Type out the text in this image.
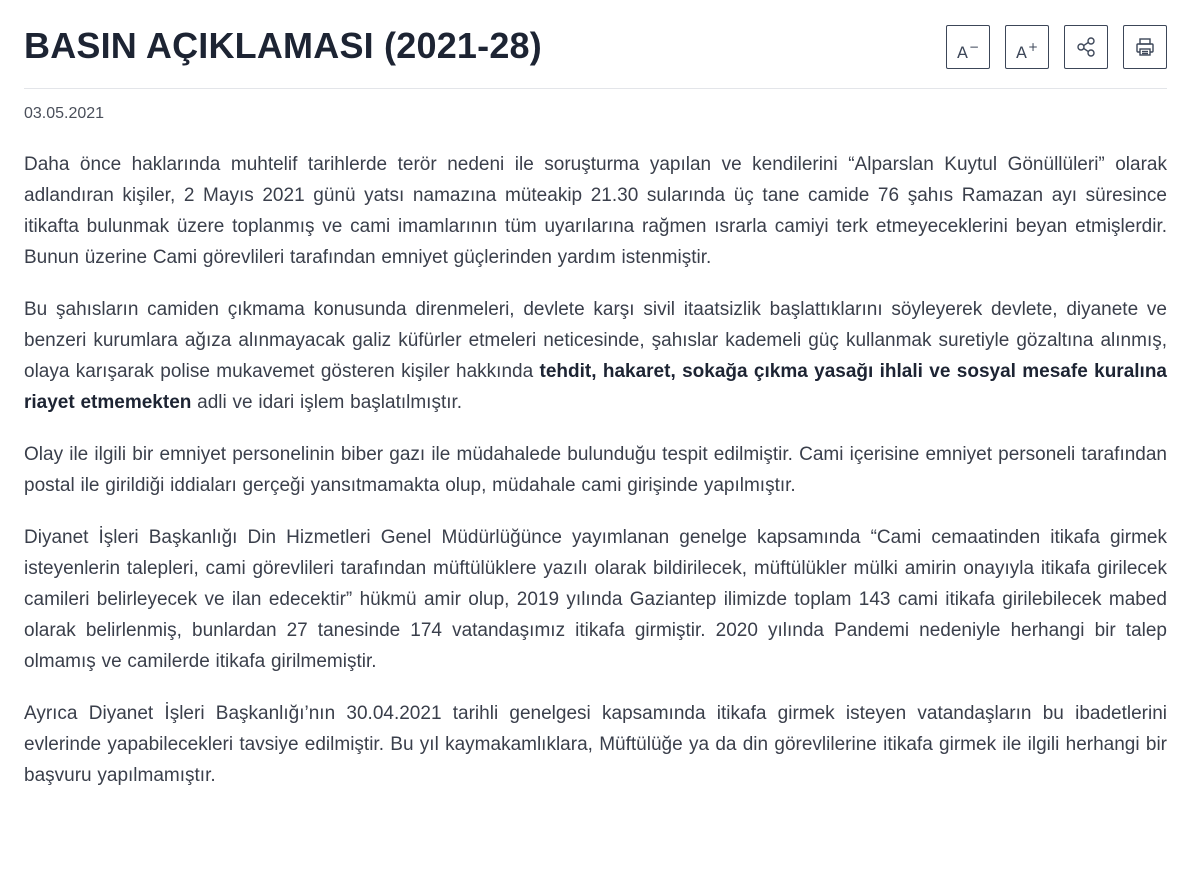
BASIN AÇIKLAMASI (2021-28)	A− A+
03.05.2021

Daha önce haklarında muhtelif tarihlerde terör nedeni ile soruşturma yapılan ve kendilerini “Alparslan Kuytul Gönüllüleri” olarak adlandıran kişiler, 2 Mayıs 2021 günü yatsı namazına müteakip 21.30 sularında üç tane camide 76 şahıs Ramazan ayı süresince itikafta bulunmak üzere toplanmış ve cami imamlarının tüm uyarılarına rağmen ısrarla camiyi terk etmeyeceklerini beyan etmişlerdir. Bunun üzerine Cami görevlileri tarafından emniyet güçlerinden yardım istenmiştir.

Bu şahısların camiden çıkmama konusunda direnmeleri, devlete karşı sivil itaatsizlik başlattıklarını söyleyerek devlete, diyanete ve benzeri kurumlara ağıza alınmayacak galiz küfürler etmeleri neticesinde, şahıslar kademeli güç kullanmak suretiyle gözaltına alınmış, olaya karışarak polise mukavemet gösteren kişiler hakkında tehdit, hakaret, sokağa çıkma yasağı ihlali ve sosyal mesafe kuralına riayet etmemekten adli ve idari işlem başlatılmıştır.

Olay ile ilgili bir emniyet personelinin biber gazı ile müdahalede bulunduğu tespit edilmiştir. Cami içerisine emniyet personeli tarafından postal ile girildiği iddiaları gerçeği yansıtmamakta olup, müdahale cami girişinde yapılmıştır.

Diyanet İşleri Başkanlığı Din Hizmetleri Genel Müdürlüğünce yayımlanan genelge kapsamında “Cami cemaatinden itikafa girmek isteyenlerin talepleri, cami görevlileri tarafından müftülüklere yazılı olarak bildirilecek, müftülükler mülki amirin onayıyla itikafa girilecek camileri belirleyecek ve ilan edecektir” hükmü amir olup, 2019 yılında Gaziantep ilimizde toplam 143 cami itikafa girilebilecek mabed olarak belirlenmiş, bunlardan 27 tanesinde 174 vatandaşımız itikafa girmiştir. 2020 yılında Pandemi nedeniyle herhangi bir talep olmamış ve camilerde itikafa girilmemiştir.

Ayrıca Diyanet İşleri Başkanlığı’nın 30.04.2021 tarihli genelgesi kapsamında itikafa girmek isteyen vatandaşların bu ibadetlerini evlerinde yapabilecekleri tavsiye edilmiştir. Bu yıl kaymakamlıklara, Müftülüğe ya da din görevlilerine itikafa girmek ile ilgili herhangi bir başvuru yapılmamıştır.
